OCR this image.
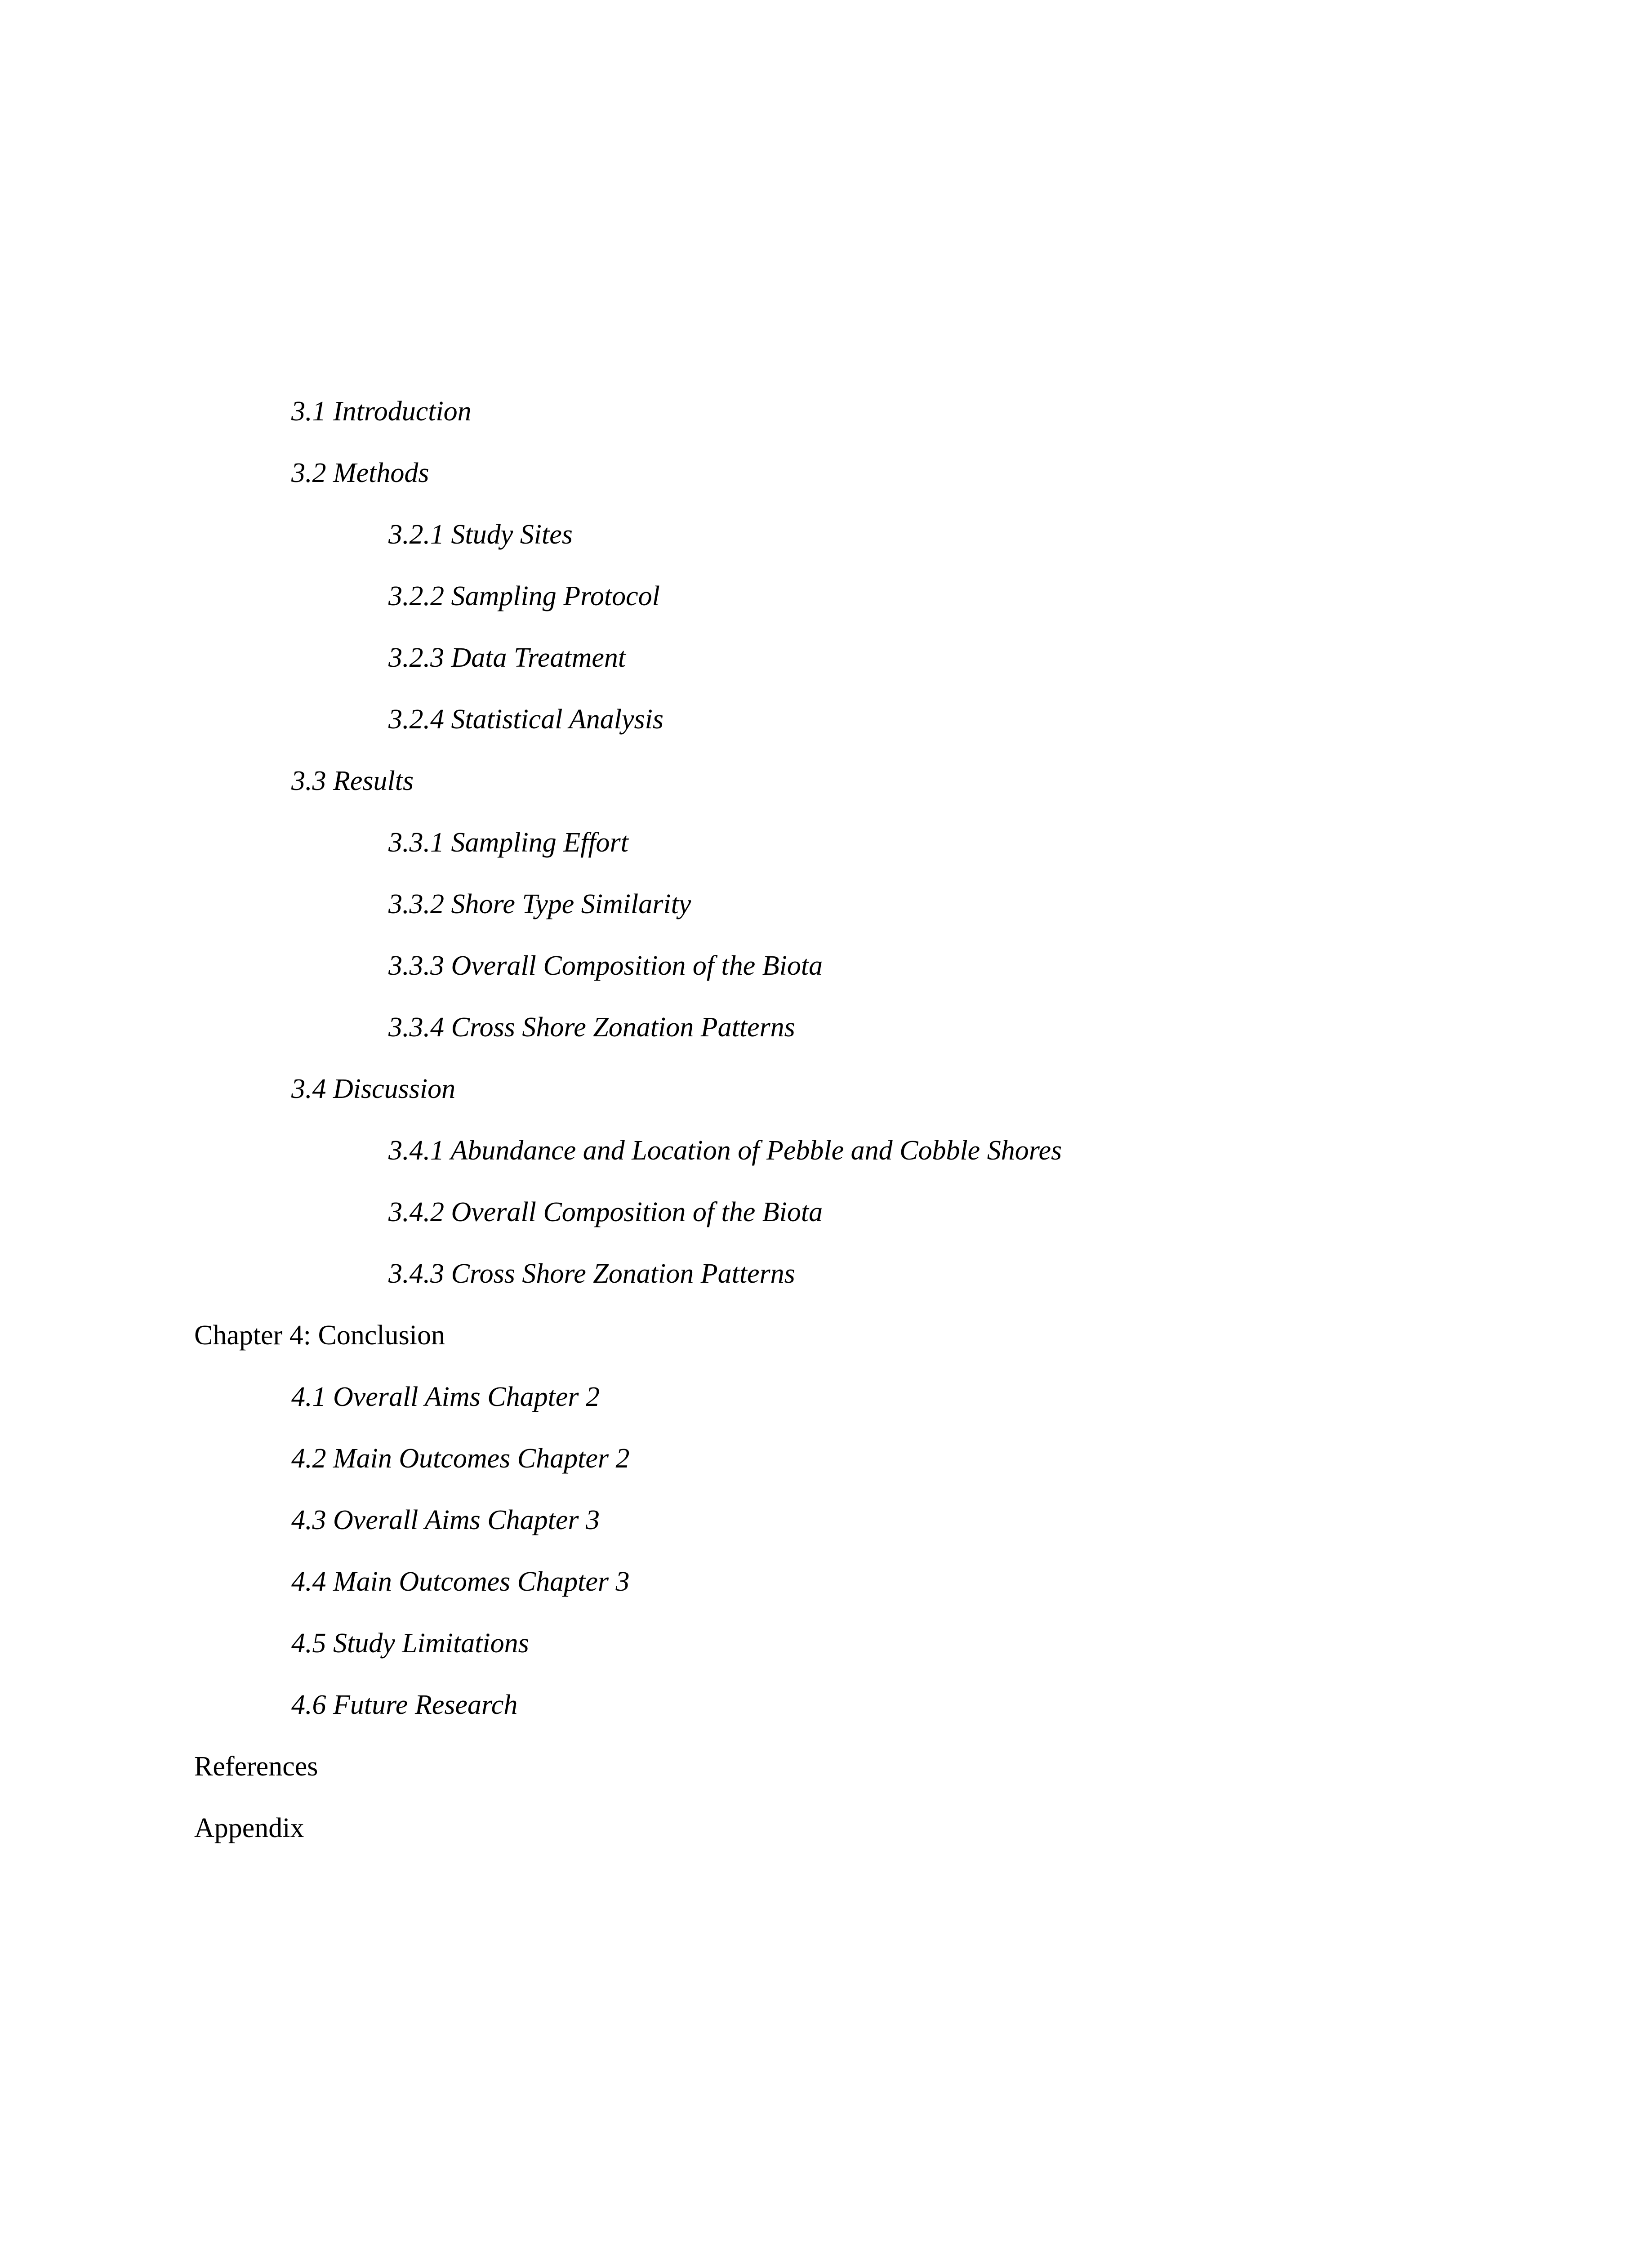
3.1 Introduction
3.2 Methods
3.2.1 Study Sites
3.2.2 Sampling Protocol
3.2.3 Data Treatment
3.2.4 Statistical Analysis
3.3 Results
3.3.1 Sampling Effort
3.3.2 Shore Type Similarity
3.3.3 Overall Composition of the Biota
3.3.4 Cross Shore Zonation Patterns
3.4 Discussion
3.4.1 Abundance and Location of Pebble and Cobble Shores
3.4.2 Overall Composition of the Biota
3.4.3 Cross Shore Zonation Patterns
Chapter 4: Conclusion
4.1 Overall Aims Chapter 2
4.2 Main Outcomes Chapter 2
4.3 Overall Aims Chapter 3
4.4 Main Outcomes Chapter 3
4.5 Study Limitations
4.6 Future Research
References
Appendix
